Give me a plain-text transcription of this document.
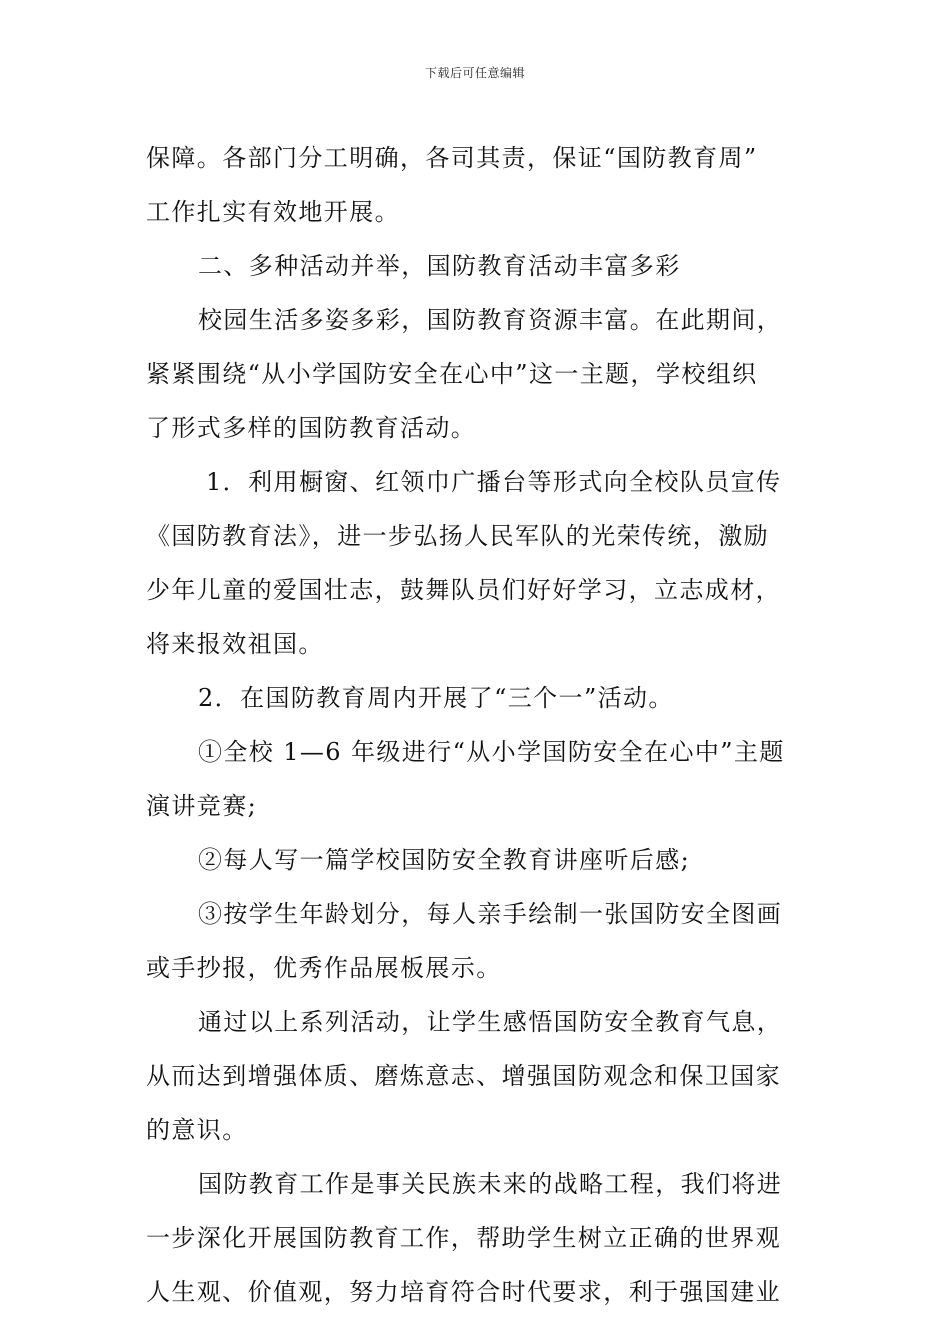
下载后可任意编辑
保障。各部门分工明确，各司其责，保证“国防教育周”
工作扎实有效地开展。
二、多种活动并举，国防教育活动丰富多彩
校园生活多姿多彩，国防教育资源丰富。在此期间，
紧紧围绕“从小学国防安全在心中”这一主题，学校组织
了形式多样的国防教育活动。
1．利用橱窗、红领巾广播台等形式向全校队员宣传
《国防教育法》，进一步弘扬人民军队的光荣传统，激励
少年儿童的爱国壮志，鼓舞队员们好好学习，立志成材，
将来报效祖国。
2．在国防教育周内开展了“三个一”活动。
①全校 1—6 年级进行“从小学国防安全在心中”主题
演讲竞赛;
②每人写一篇学校国防安全教育讲座听后感;
③按学生年龄划分，每人亲手绘制一张国防安全图画
或手抄报，优秀作品展板展示。
通过以上系列活动，让学生感悟国防安全教育气息，
从而达到增强体质、磨炼意志、增强国防观念和保卫国家
的意识。
国防教育工作是事关民族未来的战略工程，我们将进
一步深化开展国防教育工作，帮助学生树立正确的世界观
人生观、价值观，努力培育符合时代要求，利于强国建业
